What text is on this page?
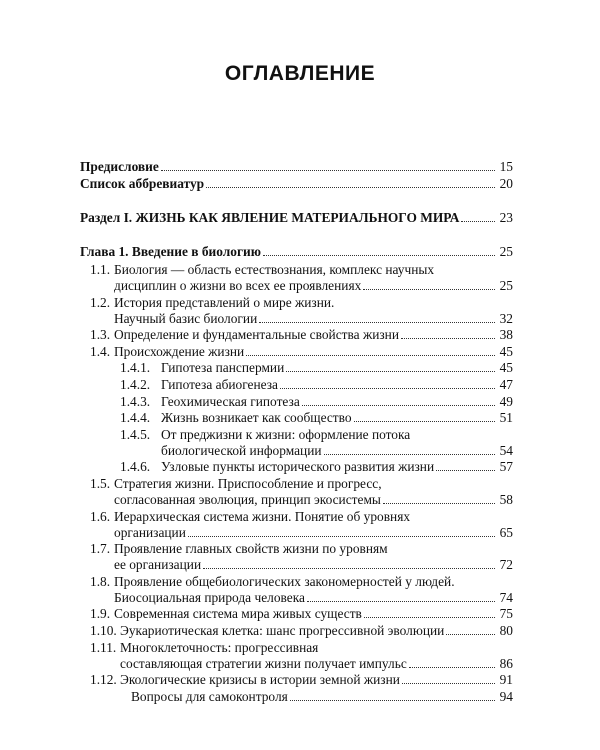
ОГЛАВЛЕНИЕ
Предисловие	15
Список аббревиатур	20
Раздел I. ЖИЗНЬ КАК ЯВЛЕНИЕ МАТЕРИАЛЬНОГО МИРА	23
Глава 1. Введение в биологию	25
1.1. Биология — область естествознания, комплекс научных
дисциплин о жизни во всех ее проявлениях	25
1.2. История представлений о мире жизни.
Научный базис биологии	32
1.3. Определение и фундаментальные свойства жизни	38
1.4. Происхождение жизни	45
1.4.1. Гипотеза панспермии	45
1.4.2. Гипотеза абиогенеза	47
1.4.3. Геохимическая гипотеза	49
1.4.4. Жизнь возникает как сообщество	51
1.4.5. От преджизни к жизни: оформление потока
биологической информации	54
1.4.6. Узловые пункты исторического развития жизни	57
1.5. Стратегия жизни. Приспособление и прогресс,
согласованная эволюция, принцип экосистемы	58
1.6. Иерархическая система жизни. Понятие об уровнях
организации	65
1.7. Проявление главных свойств жизни по уровням
ее организации	72
1.8. Проявление общебиологических закономерностей у людей.
Биосоциальная природа человека	74
1.9. Современная система мира живых существ	75
1.10. Эукариотическая клетка: шанс прогрессивной эволюции	80
1.11. Многоклеточность: прогрессивная
составляющая стратегии жизни получает импульс	86
1.12. Экологические кризисы в истории земной жизни	91
Вопросы для самоконтроля	94
